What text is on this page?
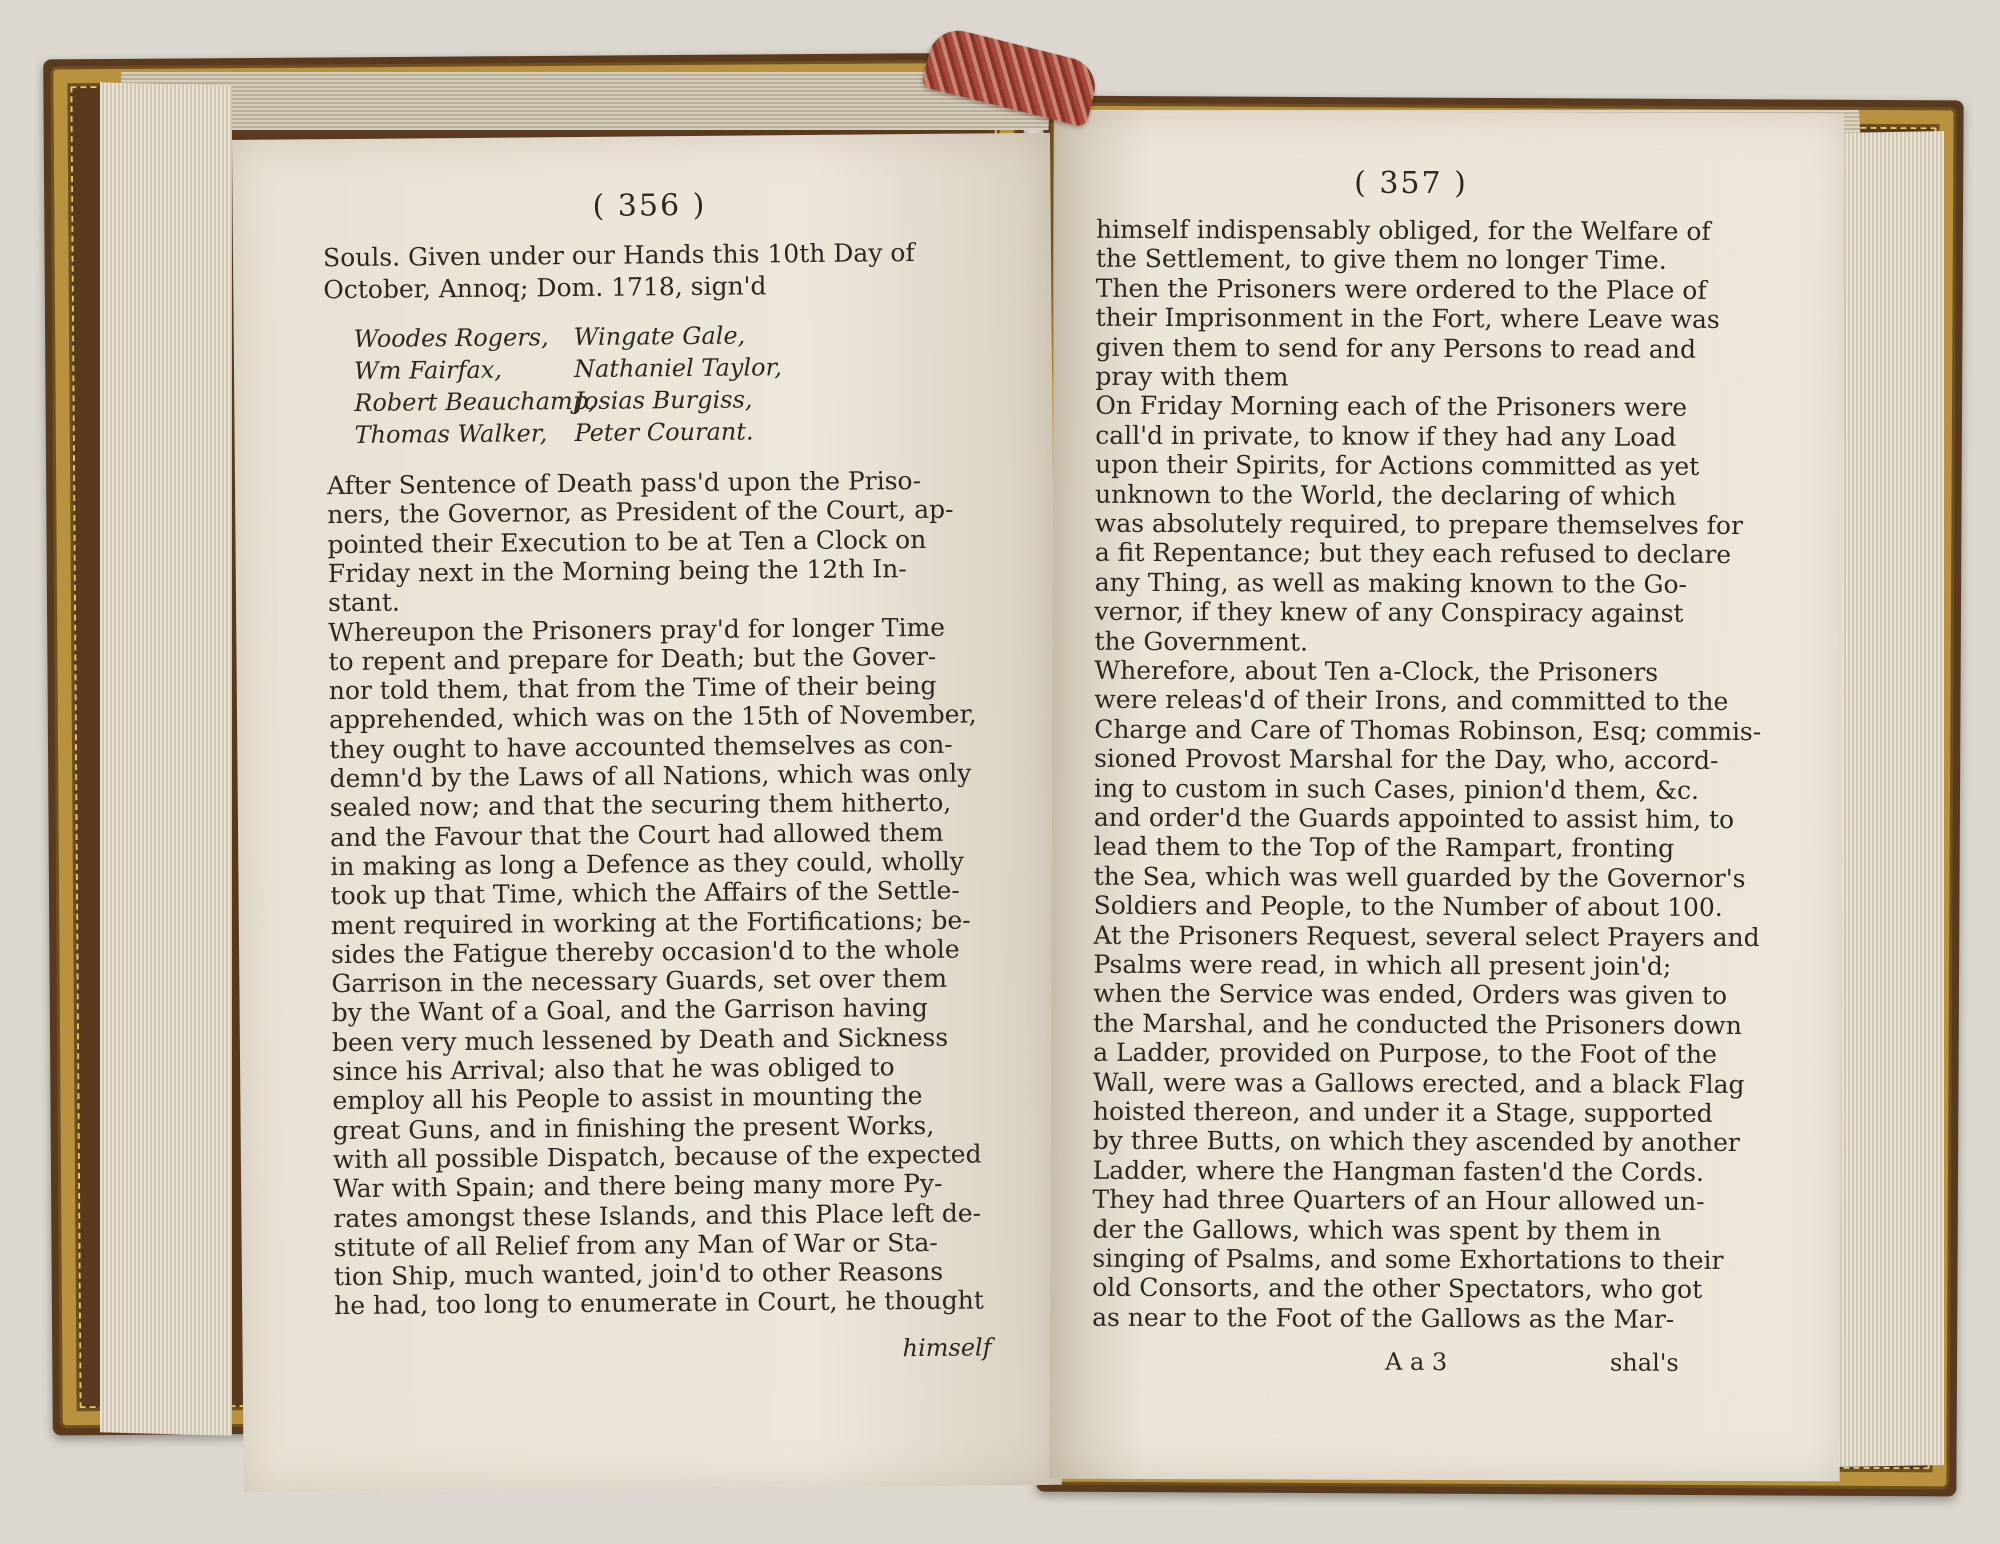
( 356 )
Souls. Given under our Hands this 10th Day of
October, Annoq; Dom. 1718, sign'd
Woodes Rogers,
Wm Fairfax,
Robert Beauchamp,
Thomas Walker,
Wingate Gale,
Nathaniel Taylor,
Josias Burgiss,
Peter Courant.
After Sentence of Death pass'd upon the Priso-
ners, the Governor, as President of the Court, ap-
pointed their Execution to be at Ten a Clock on
Friday next in the Morning being the 12th In-
stant.
Whereupon the Prisoners pray'd for longer Time
to repent and prepare for Death; but the Gover-
nor told them, that from the Time of their being
apprehended, which was on the 15th of November,
they ought to have accounted themselves as con-
demn'd by the Laws of all Nations, which was only
sealed now; and that the securing them hitherto,
and the Favour that the Court had allowed them
in making as long a Defence as they could, wholly
took up that Time, which the Affairs of the Settle-
ment required in working at the Fortifications; be-
sides the Fatigue thereby occasion'd to the whole
Garrison in the necessary Guards, set over them
by the Want of a Goal, and the Garrison having
been very much lessened by Death and Sickness
since his Arrival; also that he was obliged to
employ all his People to assist in mounting the
great Guns, and in finishing the present Works,
with all possible Dispatch, because of the expected
War with Spain; and there being many more Py-
rates amongst these Islands, and this Place left de-
stitute of all Relief from any Man of War or Sta-
tion Ship, much wanted, join'd to other Reasons
he had, too long to enumerate in Court, he thought
himself
( 357 )
himself indispensably obliged, for the Welfare of
the Settlement, to give them no longer Time.
Then the Prisoners were ordered to the Place of
their Imprisonment in the Fort, where Leave was
given them to send for any Persons to read and
pray with them
On Friday Morning each of the Prisoners were
call'd in private, to know if they had any Load
upon their Spirits, for Actions committed as yet
unknown to the World, the declaring of which
was absolutely required, to prepare themselves for
a fit Repentance; but they each refused to declare
any Thing, as well as making known to the Go-
vernor, if they knew of any Conspiracy against
the Government.
Wherefore, about Ten a-Clock, the Prisoners
were releas'd of their Irons, and committed to the
Charge and Care of Thomas Robinson, Esq; commis-
sioned Provost Marshal for the Day, who, accord-
ing to custom in such Cases, pinion'd them, &c.
and order'd the Guards appointed to assist him, to
lead them to the Top of the Rampart, fronting
the Sea, which was well guarded by the Governor's
Soldiers and People, to the Number of about 100.
At the Prisoners Request, several select Prayers and
Psalms were read, in which all present join'd;
when the Service was ended, Orders was given to
the Marshal, and he conducted the Prisoners down
a Ladder, provided on Purpose, to the Foot of the
Wall, were was a Gallows erected, and a black Flag
hoisted thereon, and under it a Stage, supported
by three Butts, on which they ascended by another
Ladder, where the Hangman fasten'd the Cords.
They had three Quarters of an Hour allowed un-
der the Gallows, which was spent by them in
singing of Psalms, and some Exhortations to their
old Consorts, and the other Spectators, who got
as near to the Foot of the Gallows as the Mar-
A a 3	shal's
